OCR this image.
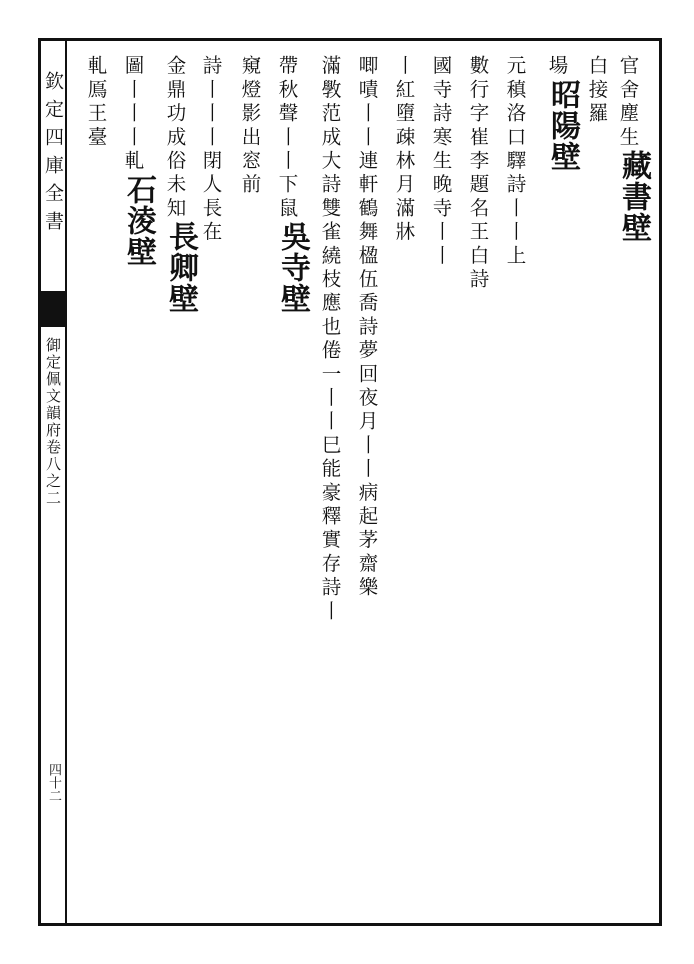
欽定四庫全書

御定佩文韻府卷八之二

四十二

官舍塵生

藏書壁

白接羅

場

昭陽壁

元稹洛口驛詩丨丨上

數行字崔李題名王白詩

國寺詩寒生晚寺丨丨

丨紅墮疎林月滿牀

唧嘖丨丨連軒鶴舞楹伍喬詩夢回夜月丨丨病起茅齋樂

滿斆范成大詩雙雀繞枝應也倦一丨丨巳能豪釋實存詩丨

帶秋聲丨丨下鼠

吳寺壁

窺燈影出窓前

詩丨丨丨閉人長在

金鼎功成俗未知

長卿壁

圖丨丨丨軋

石淩壁

軋鳫王臺
